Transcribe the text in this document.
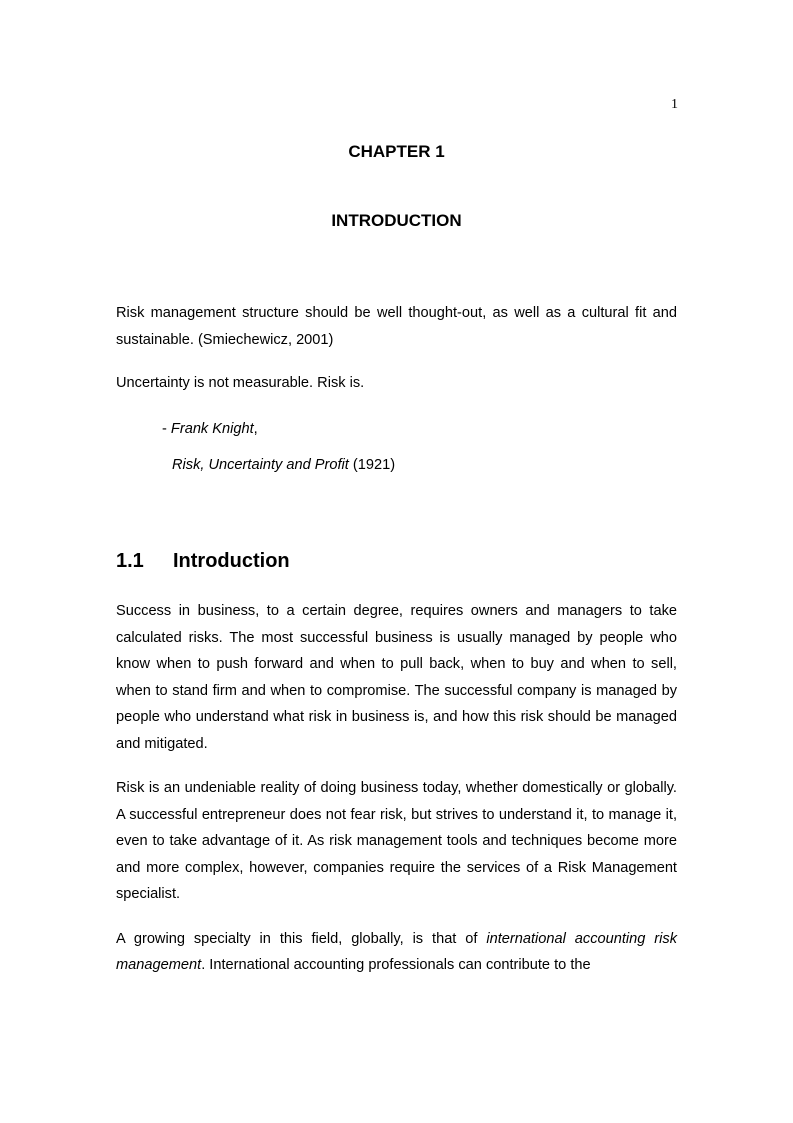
1
CHAPTER 1
INTRODUCTION

Risk management structure should be well thought-out, as well as a cultural fit and sustainable. (Smiechewicz, 2001)

Uncertainty is not measurable. Risk is.

- Frank Knight,
Risk, Uncertainty and Profit (1921)
1.1 Introduction

Success in business, to a certain degree, requires owners and managers to take calculated risks. The most successful business is usually managed by people who know when to push forward and when to pull back, when to buy and when to sell, when to stand firm and when to compromise. The successful company is managed by people who understand what risk in business is, and how this risk should be managed and mitigated.

Risk is an undeniable reality of doing business today, whether domestically or globally. A successful entrepreneur does not fear risk, but strives to understand it, to manage it, even to take advantage of it. As risk management tools and techniques become more and more complex, however, companies require the services of a Risk Management specialist.

A growing specialty in this field, globally, is that of international accounting risk management. International accounting professionals can contribute to the
